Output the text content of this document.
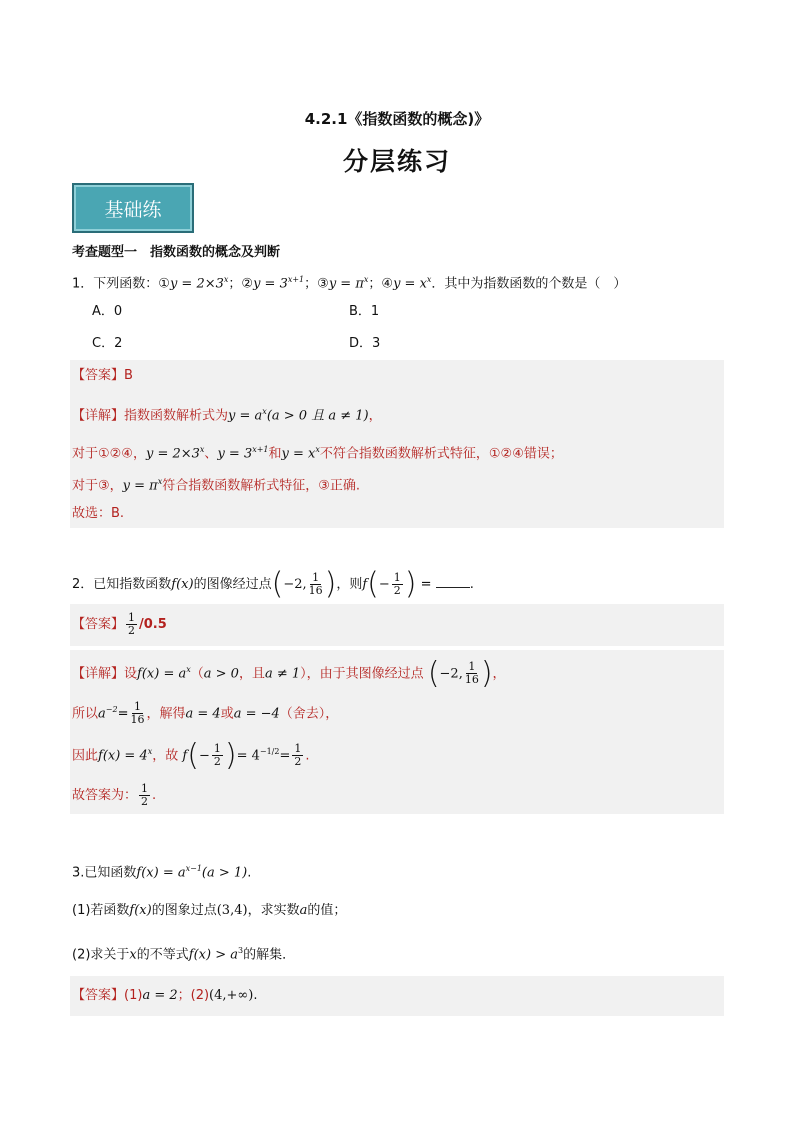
4.2.1《指数函数的概念)》
分层练习
基础练
考查题型一　指数函数的概念及判断
1．下列函数：①y = $2\times 3^x$；②y = $3^{x+1}$；③y = $\pi^x$；④y = $x^x$．其中为指数函数的个数是（　）
A．0	B．1
C．2	D．3
【答案】B
【详解】指数函数解析式为$y = a^x(a > 0$ 且 a ≠ 1)，
对于①②④，$y = 2\times 3^x$、$y = 3^{x+1}$和$y = x^x$不符合指数函数解析式特征，①②④错误；
对于③，$y = \pi^x$符合指数函数解析式特征，③正确.
故选：B.
2．已知指数函数f(x)的图像经过点(−2, $\frac{1}{16}$ )，则$f(- \frac{1}{2}$ ) =	.
【答案】 $\frac{1}{2} /0.5$
【详解】设$f(x) = a^x(a > 0$，且a ≠ 1），由于其图像经过点 (−2, $\frac{1}{16}$ )，
所以$a^{-2}= \frac{1}{16}$ ，解得a = 4或a = −4（舍去），
因此$f(x) = 4^x$，故 $f(- \frac{1}{2}$ )= $4^{-1/2}= \frac{1}{2}$ .
故答案为： $\frac{1}{2}$ .
3.已知函数$f(x) = a^{x-1}(a > 1)$.
(1)若函数f(x)的图象过点(3,4)，求实数a的值；
(2)求关于x的不等式$f(x) > a^3$的解集．
【答案】(1)a = 2；(2)(4,+∞).
